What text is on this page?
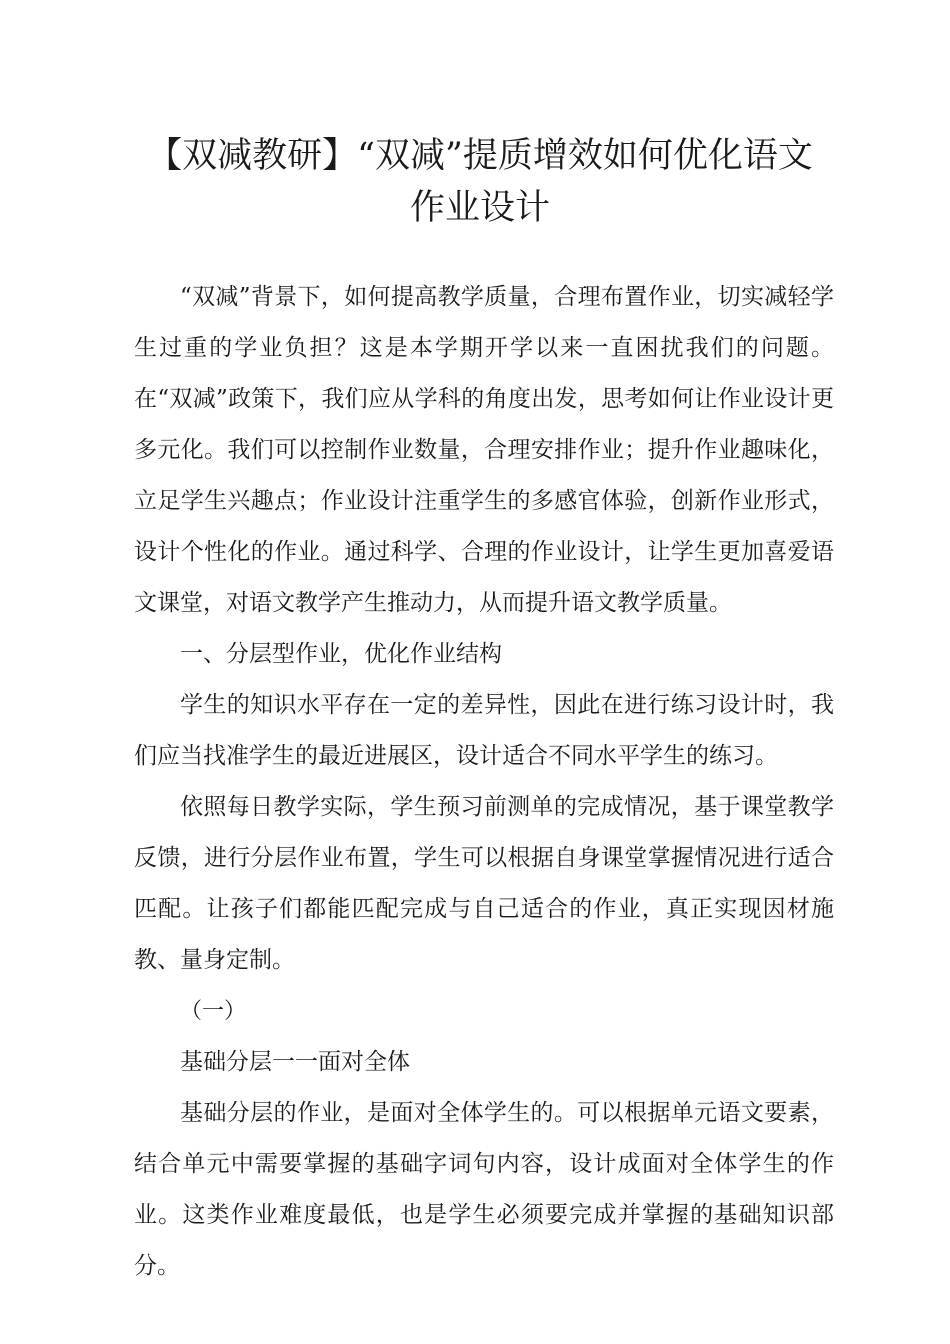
【双减教研】“双减”提质增效如何优化语文作业设计

“双减”背景下，如何提高教学质量，合理布置作业，切实减轻学生过重的学业负担？这是本学期开学以来一直困扰我们的问题。在“双减”政策下，我们应从学科的角度出发，思考如何让作业设计更多元化。我们可以控制作业数量，合理安排作业；提升作业趣味化，立足学生兴趣点；作业设计注重学生的多感官体验，创新作业形式，设计个性化的作业。通过科学、合理的作业设计，让学生更加喜爱语文课堂，对语文教学产生推动力，从而提升语文教学质量。

一、分层型作业，优化作业结构

学生的知识水平存在一定的差异性，因此在进行练习设计时，我们应当找准学生的最近进展区，设计适合不同水平学生的练习。

依照每日教学实际，学生预习前测单的完成情况，基于课堂教学反馈，进行分层作业布置，学生可以根据自身课堂掌握情况进行适合匹配。让孩子们都能匹配完成与自己适合的作业，真正实现因材施教、量身定制。

（一）

基础分层一一面对全体

基础分层的作业，是面对全体学生的。可以根据单元语文要素，结合单元中需要掌握的基础字词句内容，设计成面对全体学生的作业。这类作业难度最低，也是学生必须要完成并掌握的基础知识部分。
